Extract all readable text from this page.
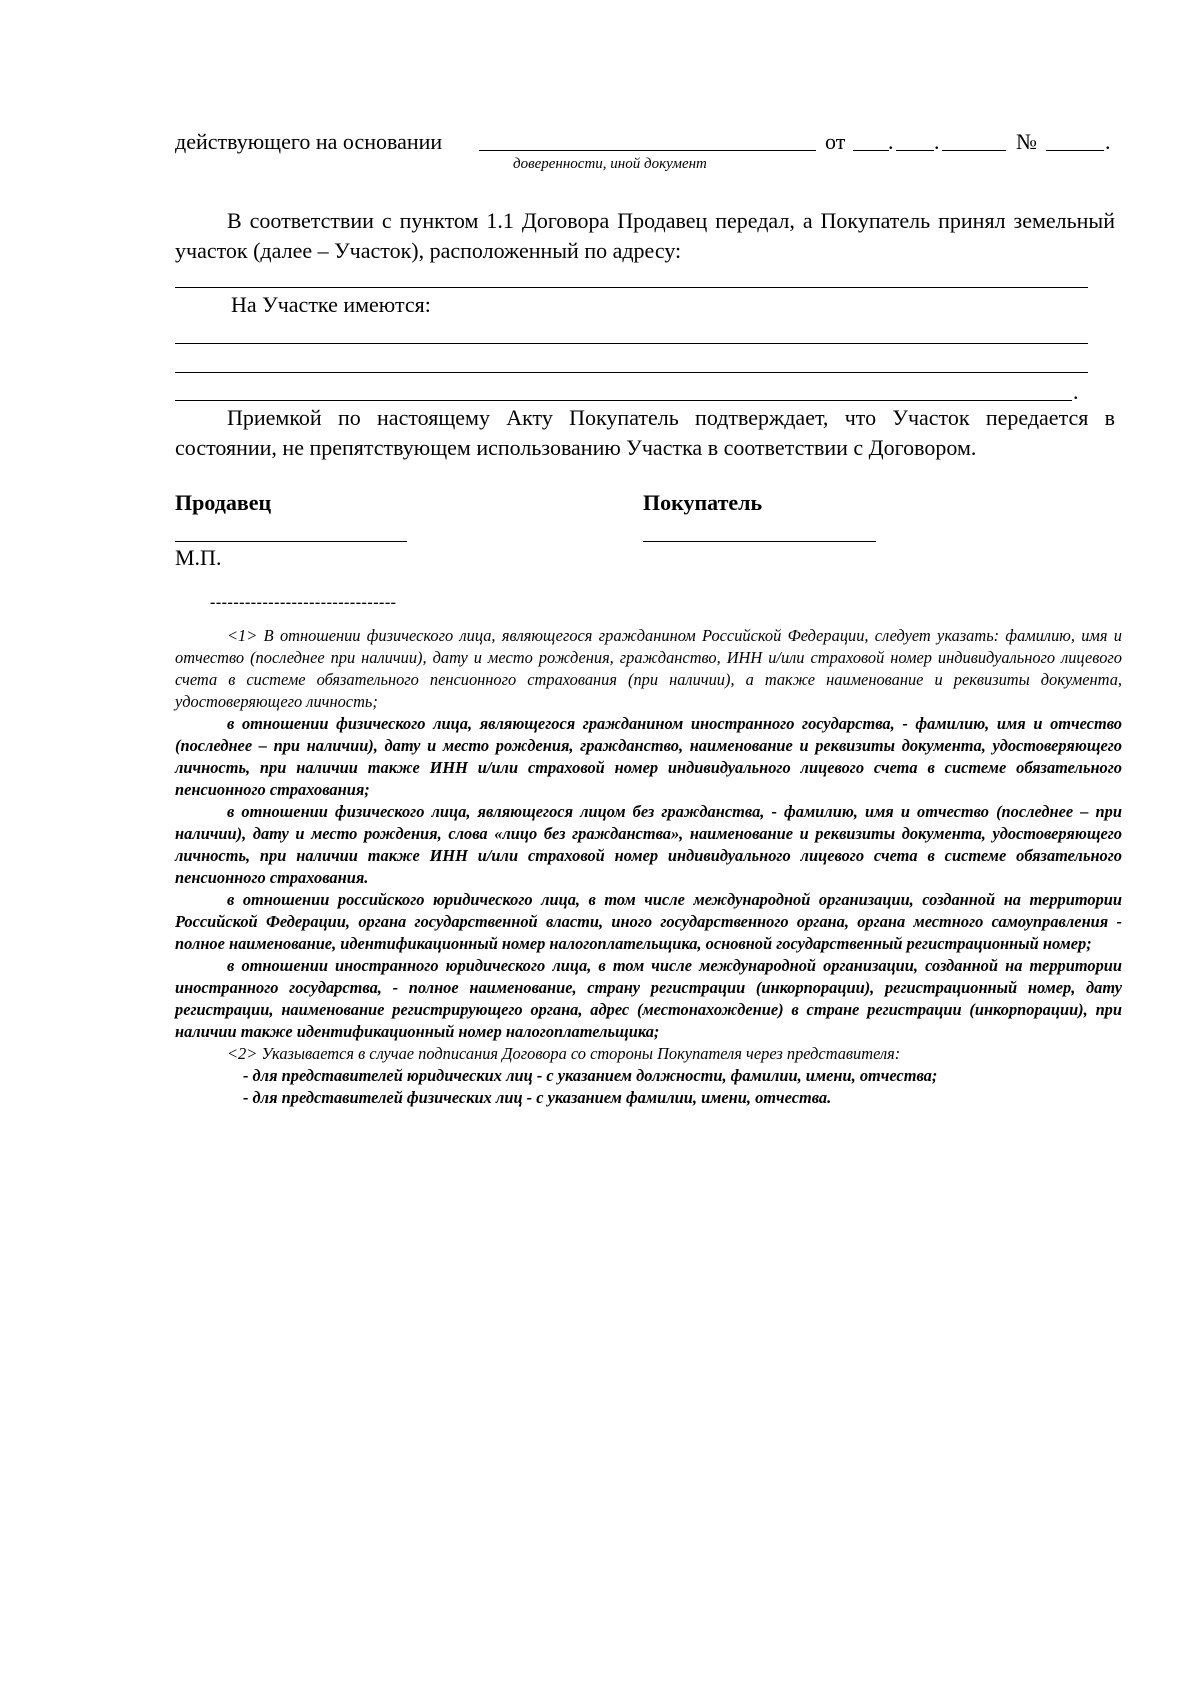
действующего на основании	от . .	№	.
доверенности, иной документ
В соответствии с пунктом 1.1 Договора Продавец передал, а Покупатель принял земельный участок (далее – Участок), расположенный по адресу:
На Участке имеются:
.
Приемкой по настоящему Акту Покупатель подтверждает, что Участок передается в состоянии, не препятствующем использованию Участка в соответствии с Договором.
Продавец	Покупатель
М.П.
--------------------------------
<1> В отношении физического лица, являющегося гражданином Российской Федерации, следует указать: фамилию, имя и отчество (последнее при наличии), дату и место рождения, гражданство, ИНН и/или страховой номер индивидуального лицевого счета в системе обязательного пенсионного страхования (при наличии), а также наименование и реквизиты документа, удостоверяющего личность;
в отношении физического лица, являющегося гражданином иностранного государства, - фамилию, имя и отчество (последнее – при наличии), дату и место рождения, гражданство, наименование и реквизиты документа, удостоверяющего личность, при наличии также ИНН и/или страховой номер индивидуального лицевого счета в системе обязательного пенсионного страхования;
в отношении физического лица, являющегося лицом без гражданства, - фамилию, имя и отчество (последнее – при наличии), дату и место рождения, слова «лицо без гражданства», наименование и реквизиты документа, удостоверяющего личность, при наличии также ИНН и/или страховой номер индивидуального лицевого счета в системе обязательного пенсионного страхования.
в отношении российского юридического лица, в том числе международной организации, созданной на территории Российской Федерации, органа государственной власти, иного государственного органа, органа местного самоуправления - полное наименование, идентификационный номер налогоплательщика, основной государственный регистрационный номер;
в отношении иностранного юридического лица, в том числе международной организации, созданной на территории иностранного государства, - полное наименование, страну регистрации (инкорпорации), регистрационный номер, дату регистрации, наименование регистрирующего органа, адрес (местонахождение) в стране регистрации (инкорпорации), при наличии также идентификационный номер налогоплательщика;
<2> Указывается в случае подписания Договора со стороны Покупателя через представителя:
- для представителей юридических лиц - с указанием должности, фамилии, имени, отчества;
- для представителей физических лиц - с указанием фамилии, имени, отчества.
